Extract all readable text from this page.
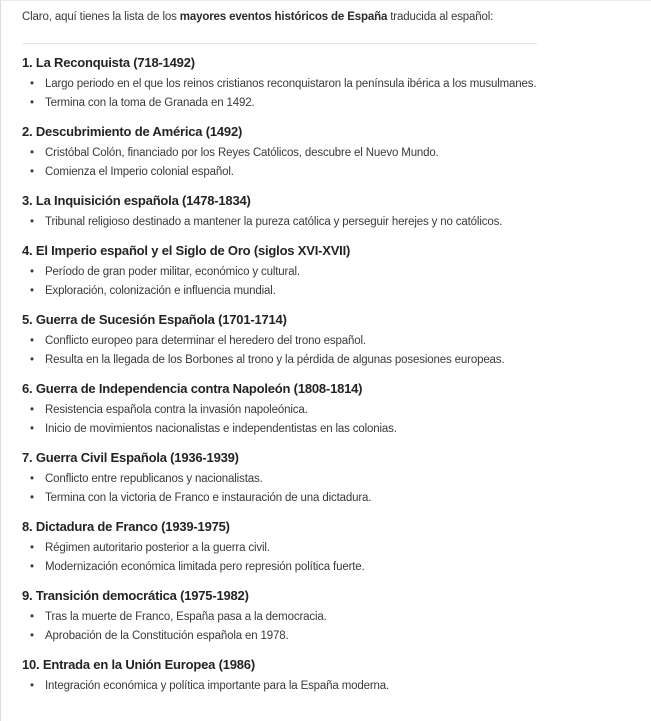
Claro, aquí tienes la lista de los mayores eventos históricos de España traducida al español:

1. La Reconquista (718-1492)
• Largo periodo en el que los reinos cristianos reconquistaron la península ibérica a los musulmanes.
• Termina con la toma de Granada en 1492.
2. Descubrimiento de América (1492)
• Cristóbal Colón, financiado por los Reyes Católicos, descubre el Nuevo Mundo.
• Comienza el Imperio colonial español.
3. La Inquisición española (1478-1834)
• Tribunal religioso destinado a mantener la pureza católica y perseguir herejes y no católicos.
4. El Imperio español y el Siglo de Oro (siglos XVI-XVII)
• Período de gran poder militar, económico y cultural.
• Exploración, colonización e influencia mundial.
5. Guerra de Sucesión Española (1701-1714)
• Conflicto europeo para determinar el heredero del trono español.
• Resulta en la llegada de los Borbones al trono y la pérdida de algunas posesiones europeas.
6. Guerra de Independencia contra Napoleón (1808-1814)
• Resistencia española contra la invasión napoleónica.
• Inicio de movimientos nacionalistas e independentistas en las colonias.
7. Guerra Civil Española (1936-1939)
• Conflicto entre republicanos y nacionalistas.
• Termina con la victoria de Franco e instauración de una dictadura.
8. Dictadura de Franco (1939-1975)
• Régimen autoritario posterior a la guerra civil.
• Modernización económica limitada pero represión política fuerte.
9. Transición democrática (1975-1982)
• Tras la muerte de Franco, España pasa a la democracia.
• Aprobación de la Constitución española en 1978.
10. Entrada en la Unión Europea (1986)
• Integración económica y política importante para la España moderna.
